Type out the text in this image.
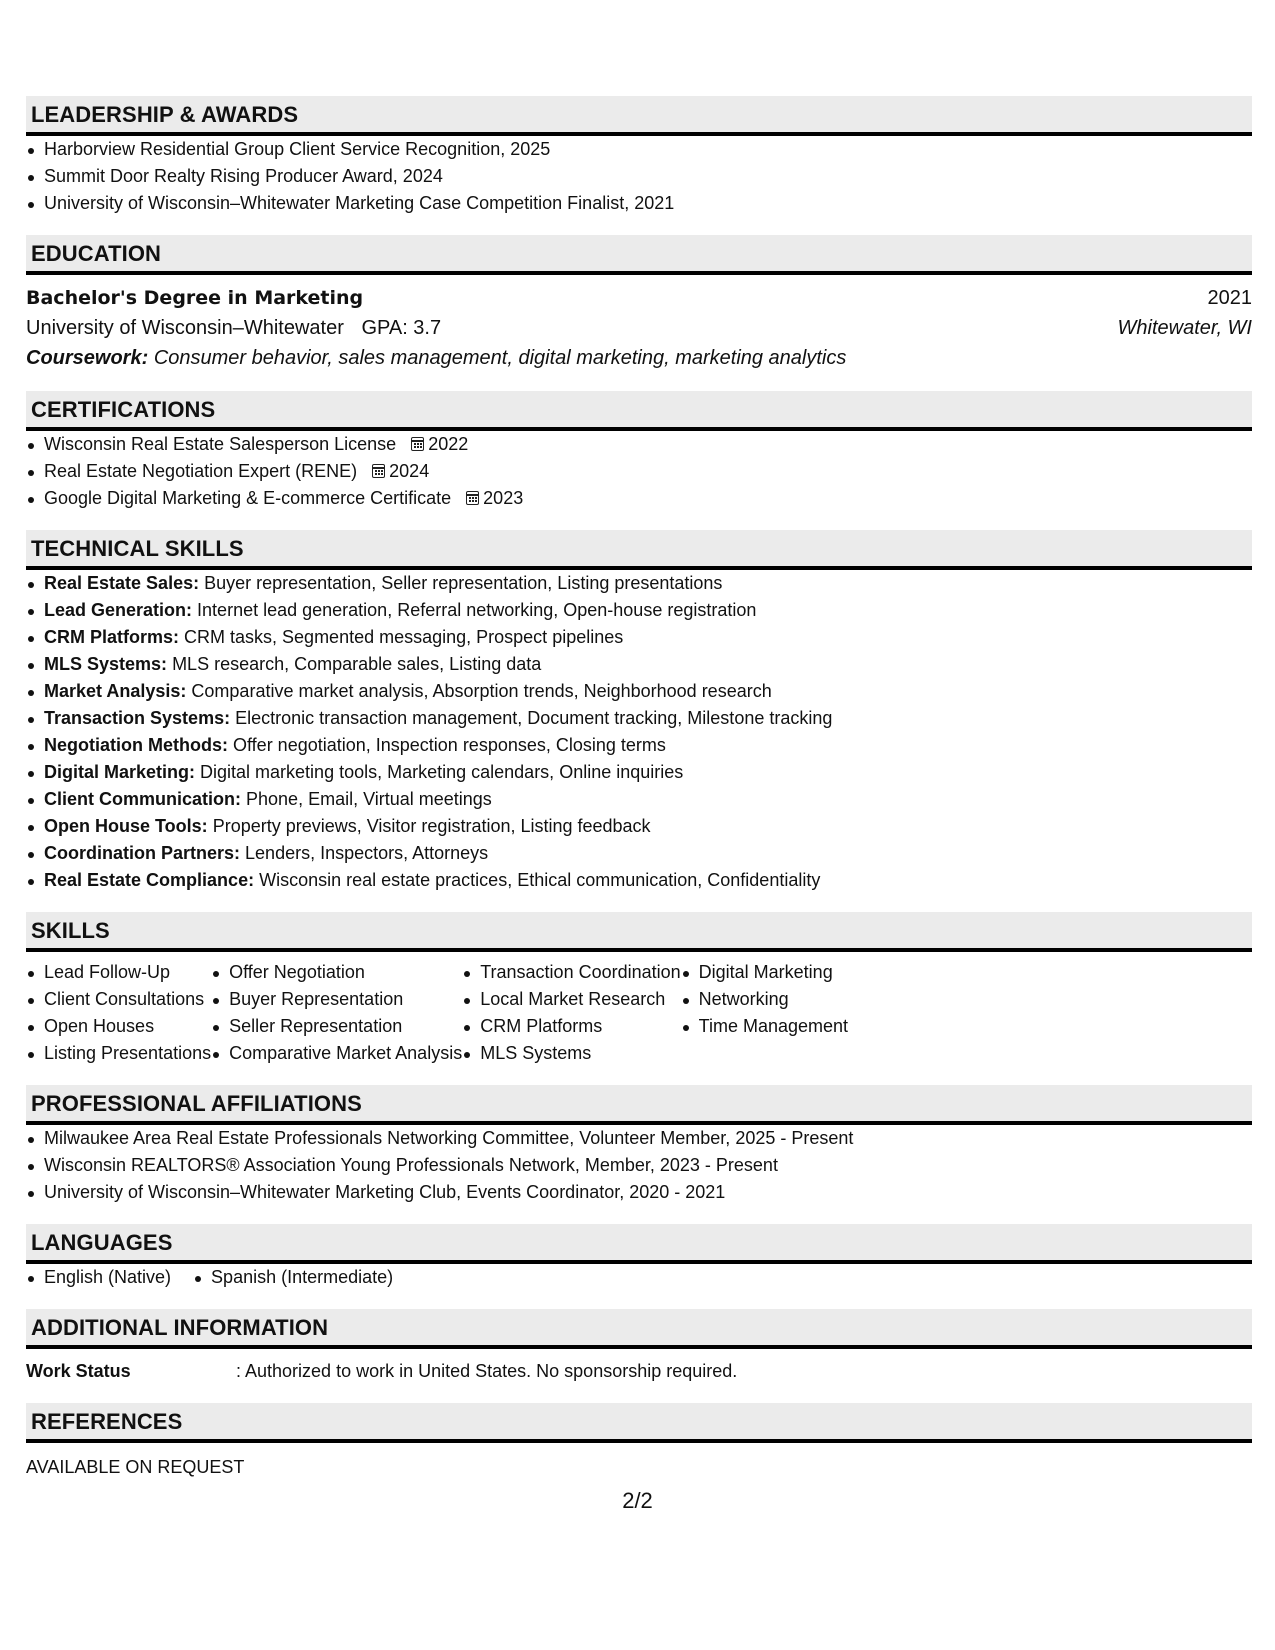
LEADERSHIP & AWARDS
Harborview Residential Group Client Service Recognition, 2025
Summit Door Realty Rising Producer Award, 2024
University of Wisconsin–Whitewater Marketing Case Competition Finalist, 2021
EDUCATION
Bachelor's Degree in Marketing	2021
University of Wisconsin–Whitewater GPA: 3.7	Whitewater, WI
Coursework: Consumer behavior, sales management, digital marketing, marketing analytics
CERTIFICATIONS
Wisconsin Real Estate Salesperson License 2022
Real Estate Negotiation Expert (RENE) 2024
Google Digital Marketing & E-commerce Certificate 2023
TECHNICAL SKILLS
Real Estate Sales: Buyer representation, Seller representation, Listing presentations
Lead Generation: Internet lead generation, Referral networking, Open-house registration
CRM Platforms: CRM tasks, Segmented messaging, Prospect pipelines
MLS Systems: MLS research, Comparable sales, Listing data
Market Analysis: Comparative market analysis, Absorption trends, Neighborhood research
Transaction Systems: Electronic transaction management, Document tracking, Milestone tracking
Negotiation Methods: Offer negotiation, Inspection responses, Closing terms
Digital Marketing: Digital marketing tools, Marketing calendars, Online inquiries
Client Communication: Phone, Email, Virtual meetings
Open House Tools: Property previews, Visitor registration, Listing feedback
Coordination Partners: Lenders, Inspectors, Attorneys
Real Estate Compliance: Wisconsin real estate practices, Ethical communication, Confidentiality
SKILLS
Lead Follow-Up
Client Consultations
Open Houses
Listing Presentations
Offer Negotiation
Buyer Representation
Seller Representation
Comparative Market Analysis
Transaction Coordination
Local Market Research
CRM Platforms
MLS Systems
Digital Marketing
Networking
Time Management
PROFESSIONAL AFFILIATIONS
Milwaukee Area Real Estate Professionals Networking Committee, Volunteer Member, 2025 - Present
Wisconsin REALTORS® Association Young Professionals Network, Member, 2023 - Present
University of Wisconsin–Whitewater Marketing Club, Events Coordinator, 2020 - 2021
LANGUAGES
English (Native)	Spanish (Intermediate)
ADDITIONAL INFORMATION
Work Status	: Authorized to work in United States. No sponsorship required.
REFERENCES
AVAILABLE ON REQUEST
2/2
